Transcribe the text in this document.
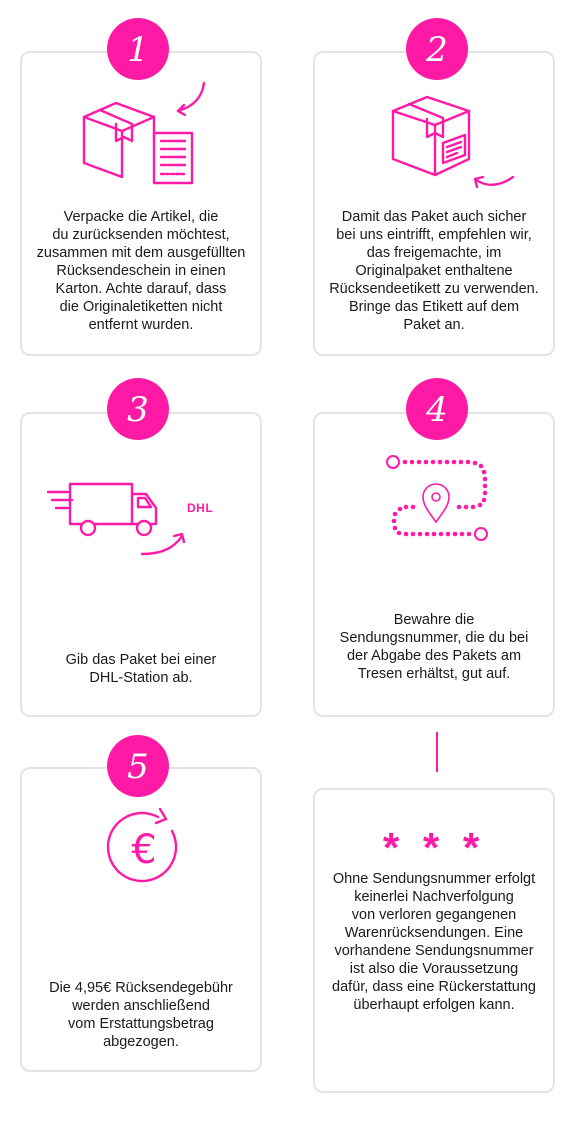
Verpacke die Artikel, die
du zurücksenden möchtest,
zusammen mit dem ausgefüllten
Rücksendeschein in einen
Karton. Achte darauf, dass
die Originaletiketten nicht
entfernt wurden.
1
Damit das Paket auch sicher
bei uns eintrifft, empfehlen wir,
das freigemachte, im
Originalpaket enthaltene
Rücksendeetikett zu verwenden.
Bringe das Etikett auf dem
Paket an.
2
DHL
Gib das Paket bei einer
DHL-Station ab.
3
Bewahre die
Sendungsnummer, die du bei
der Abgabe des Pakets am
Tresen erhältst, gut auf.
4
€
Die 4,95€ Rücksendegebühr
werden anschließend
vom Erstattungsbetrag
abgezogen.
5
* * *
Ohne Sendungsnummer erfolgt
keinerlei Nachverfolgung
von verloren gegangenen
Warenrücksendungen. Eine
vorhandene Sendungsnummer
ist also die Voraussetzung
dafür, dass eine Rückerstattung
überhaupt erfolgen kann.
